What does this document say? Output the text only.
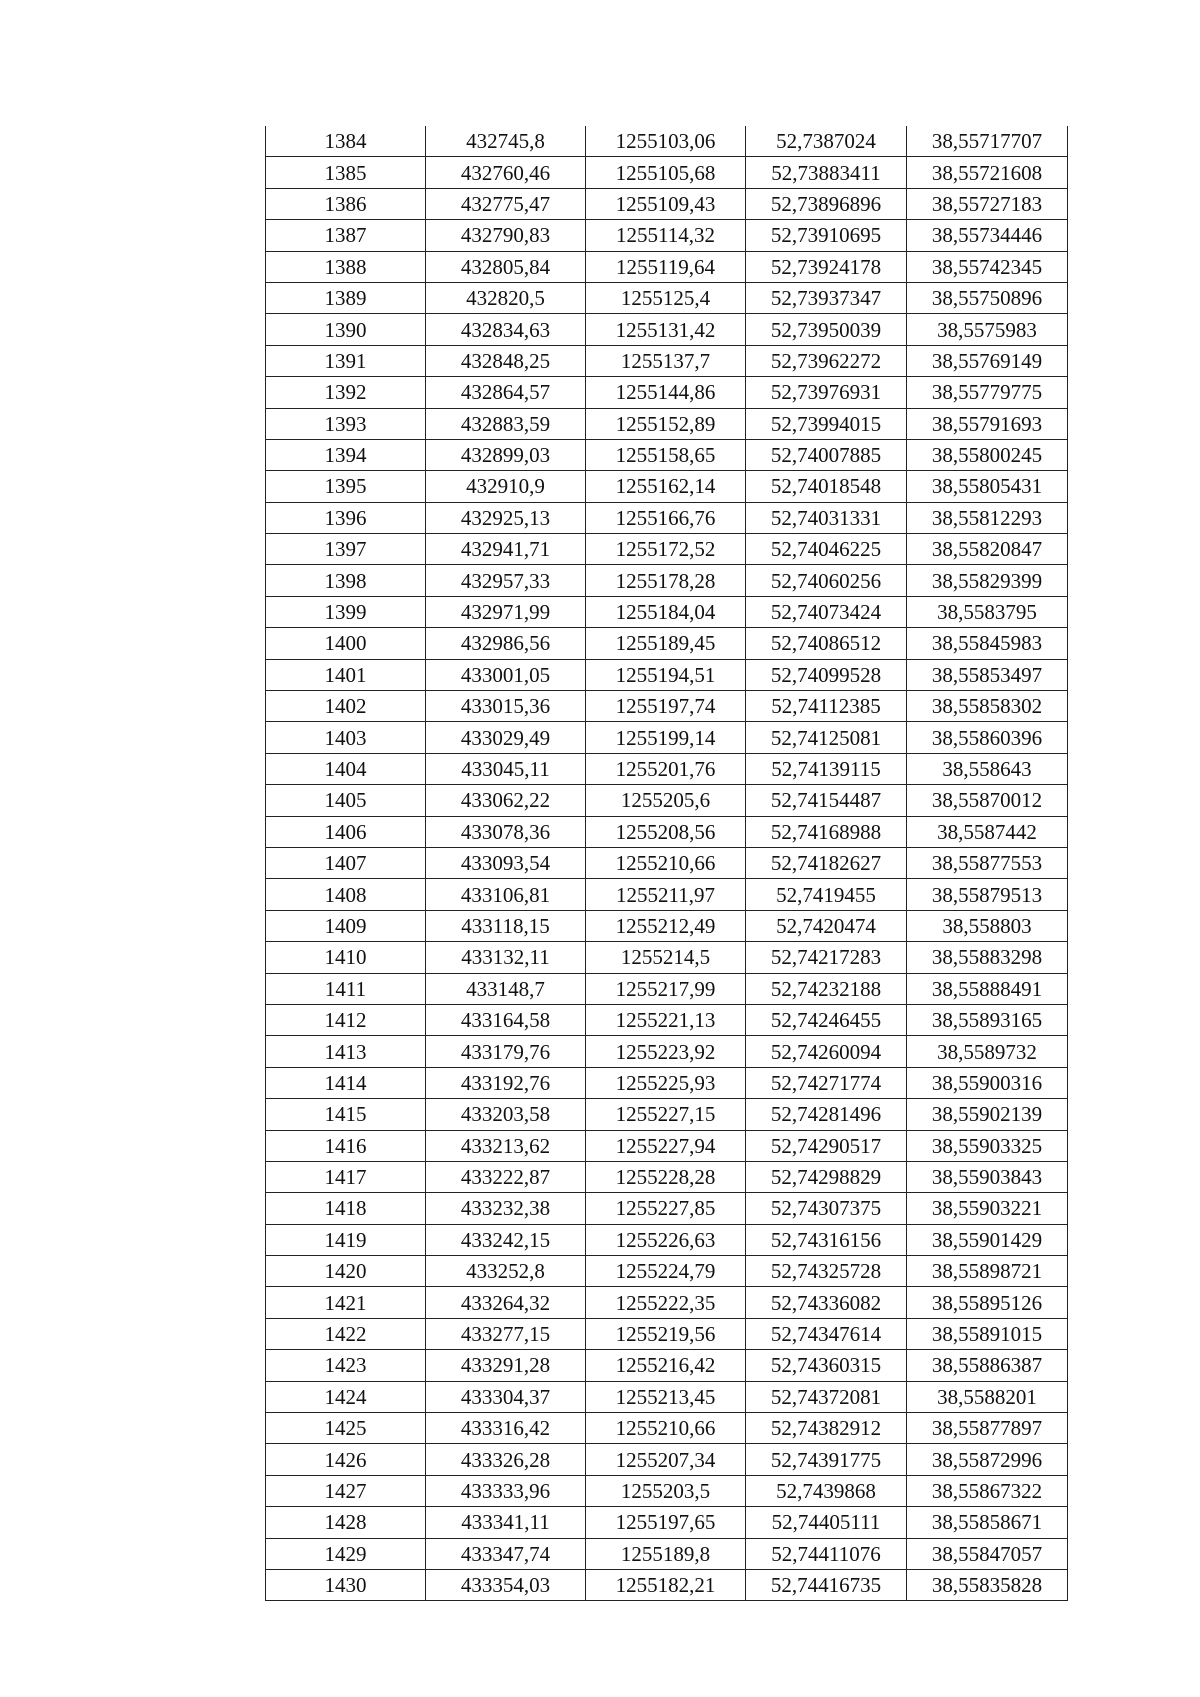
1384	432745,8	1255103,06	52,7387024	38,55717707
1385	432760,46	1255105,68	52,73883411	38,55721608
1386	432775,47	1255109,43	52,73896896	38,55727183
1387	432790,83	1255114,32	52,73910695	38,55734446
1388	432805,84	1255119,64	52,73924178	38,55742345
1389	432820,5	1255125,4	52,73937347	38,55750896
1390	432834,63	1255131,42	52,73950039	38,5575983
1391	432848,25	1255137,7	52,73962272	38,55769149
1392	432864,57	1255144,86	52,73976931	38,55779775
1393	432883,59	1255152,89	52,73994015	38,55791693
1394	432899,03	1255158,65	52,74007885	38,55800245
1395	432910,9	1255162,14	52,74018548	38,55805431
1396	432925,13	1255166,76	52,74031331	38,55812293
1397	432941,71	1255172,52	52,74046225	38,55820847
1398	432957,33	1255178,28	52,74060256	38,55829399
1399	432971,99	1255184,04	52,74073424	38,5583795
1400	432986,56	1255189,45	52,74086512	38,55845983
1401	433001,05	1255194,51	52,74099528	38,55853497
1402	433015,36	1255197,74	52,74112385	38,55858302
1403	433029,49	1255199,14	52,74125081	38,55860396
1404	433045,11	1255201,76	52,74139115	38,558643
1405	433062,22	1255205,6	52,74154487	38,55870012
1406	433078,36	1255208,56	52,74168988	38,5587442
1407	433093,54	1255210,66	52,74182627	38,55877553
1408	433106,81	1255211,97	52,7419455	38,55879513
1409	433118,15	1255212,49	52,7420474	38,558803
1410	433132,11	1255214,5	52,74217283	38,55883298
1411	433148,7	1255217,99	52,74232188	38,55888491
1412	433164,58	1255221,13	52,74246455	38,55893165
1413	433179,76	1255223,92	52,74260094	38,5589732
1414	433192,76	1255225,93	52,74271774	38,55900316
1415	433203,58	1255227,15	52,74281496	38,55902139
1416	433213,62	1255227,94	52,74290517	38,55903325
1417	433222,87	1255228,28	52,74298829	38,55903843
1418	433232,38	1255227,85	52,74307375	38,55903221
1419	433242,15	1255226,63	52,74316156	38,55901429
1420	433252,8	1255224,79	52,74325728	38,55898721
1421	433264,32	1255222,35	52,74336082	38,55895126
1422	433277,15	1255219,56	52,74347614	38,55891015
1423	433291,28	1255216,42	52,74360315	38,55886387
1424	433304,37	1255213,45	52,74372081	38,5588201
1425	433316,42	1255210,66	52,74382912	38,55877897
1426	433326,28	1255207,34	52,74391775	38,55872996
1427	433333,96	1255203,5	52,7439868	38,55867322
1428	433341,11	1255197,65	52,74405111	38,55858671
1429	433347,74	1255189,8	52,74411076	38,55847057
1430	433354,03	1255182,21	52,74416735	38,55835828
